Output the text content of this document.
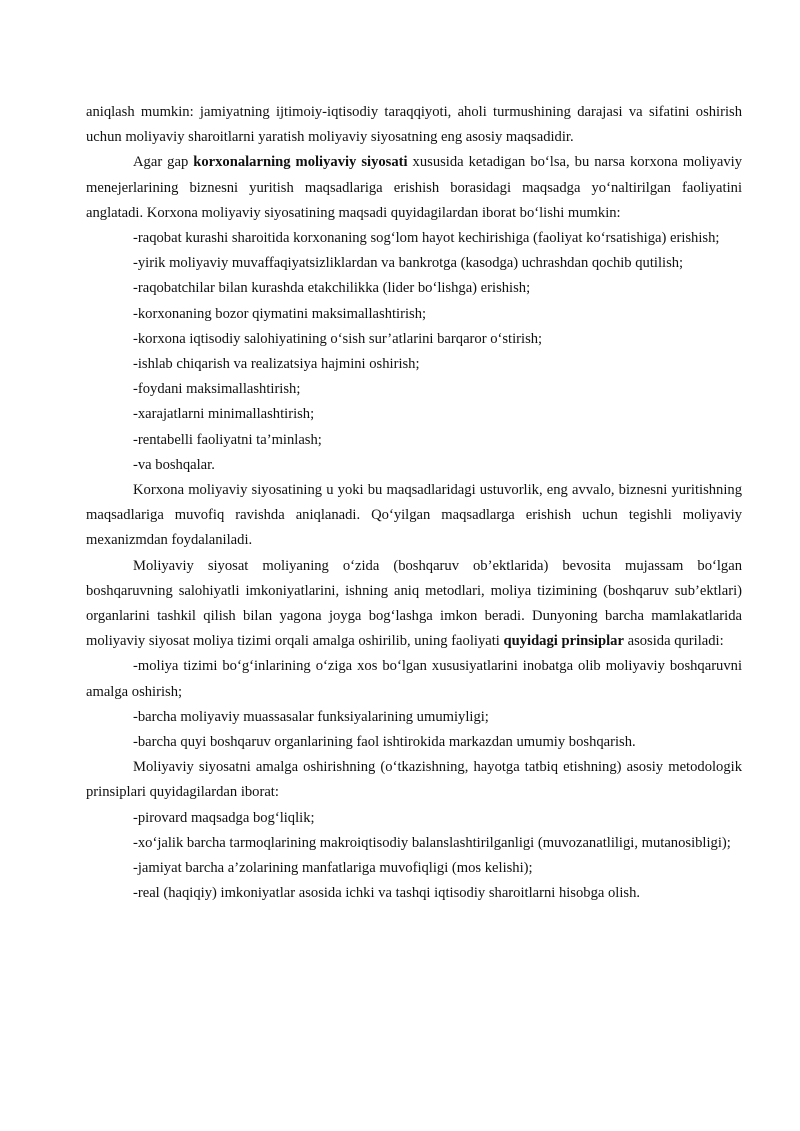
aniqlash mumkin: jamiyatning ijtimoiy-iqtisodiy taraqqiyoti, aholi turmushining darajasi va sifatini oshirish uchun moliyaviy sharoitlarni yaratish moliyaviy siyosatning eng asosiy maqsadidir.

Agar gap korxonalarning moliyaviy siyosati xususida ketadigan bo‘lsa, bu narsa korxona moliyaviy menejerlarining biznesni yuritish maqsadlariga erishish borasidagi maqsadga yo‘naltirilgan faoliyatini anglatadi. Korxona moliyaviy siyosatining maqsadi quyidagilardan iborat bo‘lishi mumkin:

-raqobat kurashi sharoitida korxonaning sog‘lom hayot kechirishiga (faoliyat ko‘rsatishiga) erishish;

-yirik moliyaviy muvaffaqiyatsizliklardan va bankrotga (kasodga) uchrashdan qochib qutilish;

-raqobatchilar bilan kurashda etakchilikka (lider bo‘lishga) erishish;

-korxonaning bozor qiymatini maksimallashtirish;

-korxona iqtisodiy salohiyatining o‘sish sur’atlarini barqaror o‘stirish;

-ishlab chiqarish va realizatsiya hajmini oshirish;

-foydani maksimallashtirish;

-xarajatlarni minimallashtirish;

-rentabelli faoliyatni ta’minlash;

-va boshqalar.

Korxona moliyaviy siyosatining u yoki bu maqsadlaridagi ustuvorlik, eng avvalo, biznesni yuritishning maqsadlariga muvofiq ravishda aniqlanadi. Qo‘yilgan maqsadlarga erishish uchun tegishli moliyaviy mexanizmdan foydalaniladi.

Moliyaviy siyosat moliyaning o‘zida (boshqaruv ob’ektlarida) bevosita mujassam bo‘lgan boshqaruvning salohiyatli imkoniyatlarini, ishning aniq metodlari, moliya tizimining (boshqaruv sub’ektlari) organlarini tashkil qilish bilan yagona joyga bog‘lashga imkon beradi. Dunyoning barcha mamlakatlarida moliyaviy siyosat moliya tizimi orqali amalga oshirilib, uning faoliyati quyidagi prinsiplar asosida quriladi:

-moliya tizimi bo‘g‘inlarining o‘ziga xos bo‘lgan xususiyatlarini inobatga olib moliyaviy boshqaruvni amalga oshirish;

-barcha moliyaviy muassasalar funksiyalarining umumiyligi;

-barcha quyi boshqaruv organlarining faol ishtirokida markazdan umumiy boshqarish.

Moliyaviy siyosatni amalga oshirishning (o‘tkazishning, hayotga tatbiq etishning) asosiy metodologik prinsiplari quyidagilardan iborat:

-pirovard maqsadga bog‘liqlik;

-xo‘jalik barcha tarmoqlarining makroiqtisodiy balanslashtirilganligi (muvozanatliligi, mutanosibligi);

-jamiyat barcha a’zolarining manfatlariga muvofiqligi (mos kelishi);

-real (haqiqiy) imkoniyatlar asosida ichki va tashqi iqtisodiy sharoitlarni hisobga olish.
